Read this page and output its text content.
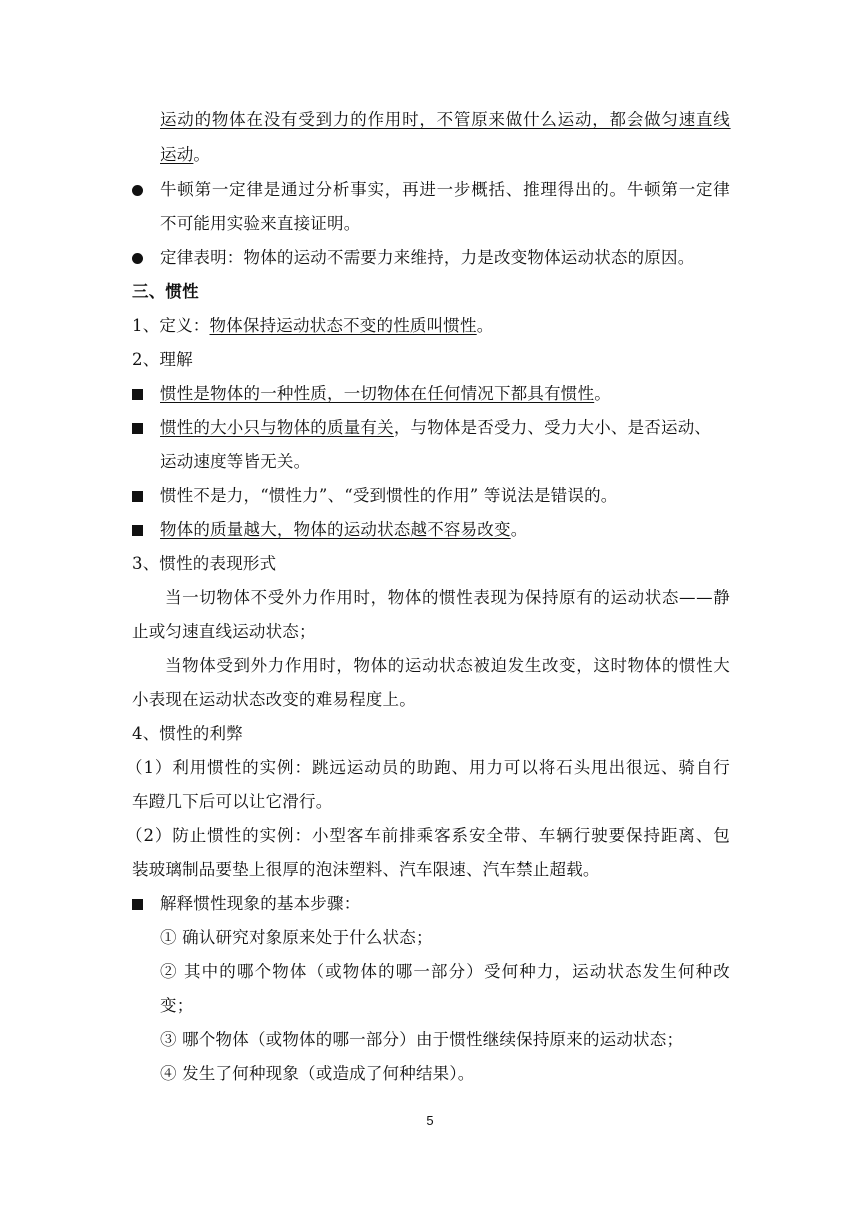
运动的物体在没有受到力的作用时，不管原来做什么运动，都会做匀速直线
运动。
牛顿第一定律是通过分析事实，再进一步概括、推理得出的。牛顿第一定律
不可能用实验来直接证明。
定律表明：物体的运动不需要力来维持，力是改变物体运动状态的原因。
三、惯性
1、定义：物体保持运动状态不变的性质叫惯性。
2、理解
惯性是物体的一种性质，一切物体在任何情况下都具有惯性。
惯性的大小只与物体的质量有关，与物体是否受力、受力大小、是否运动、
运动速度等皆无关。
惯性不是力，“惯性力”、“受到惯性的作用” 等说法是错误的。
物体的质量越大，物体的运动状态越不容易改变。
3、惯性的表现形式
当一切物体不受外力作用时，物体的惯性表现为保持原有的运动状态——静
止或匀速直线运动状态；
当物体受到外力作用时，物体的运动状态被迫发生改变，这时物体的惯性大
小表现在运动状态改变的难易程度上。
4、惯性的利弊
（1）利用惯性的实例：跳远运动员的助跑、用力可以将石头甩出很远、骑自行
车蹬几下后可以让它滑行。
（2）防止惯性的实例：小型客车前排乘客系安全带、车辆行驶要保持距离、包
装玻璃制品要垫上很厚的泡沫塑料、汽车限速、汽车禁止超载。
解释惯性现象的基本步骤：
① 确认研究对象原来处于什么状态；
② 其中的哪个物体（或物体的哪一部分）受何种力，运动状态发生何种改
变；
③ 哪个物体（或物体的哪一部分）由于惯性继续保持原来的运动状态；
④ 发生了何种现象（或造成了何种结果）。
5
